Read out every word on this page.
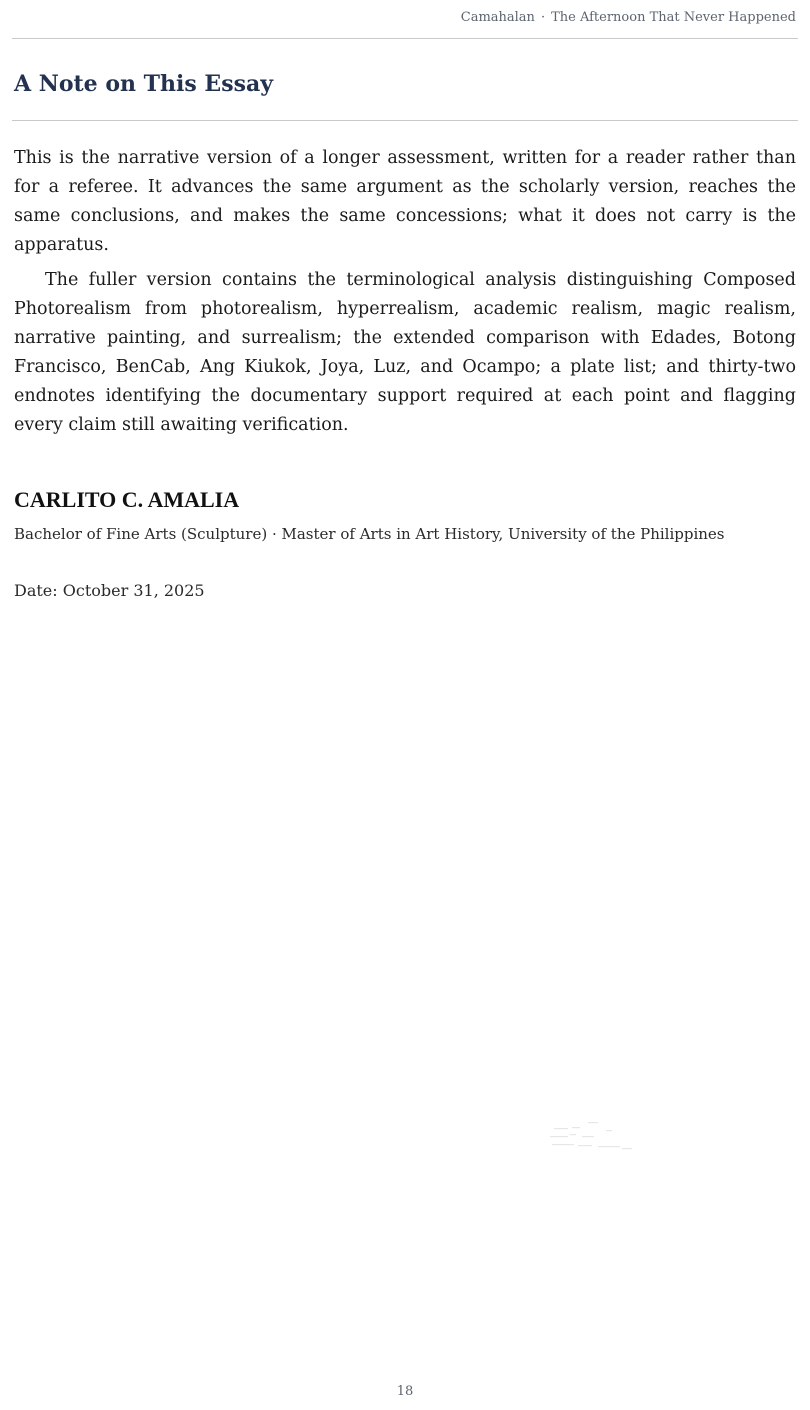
Camahalan · The Afternoon That Never Happened
A Note on This Essay

This is the narrative version of a longer assessment, written for a reader rather than for a referee. It advances the same argument as the scholarly version, reaches the same conclusions, and makes the same concessions; what it does not carry is the apparatus.

The fuller version contains the terminological analysis distinguishing Composed Photorealism from photorealism, hyperrealism, academic realism, magic realism, narrative painting, and surrealism; the extended comparison with Edades, Botong Francisco, BenCab, Ang Kiukok, Joya, Luz, and Ocampo; a plate list; and thirty-two endnotes identifying the documentary support required at each point and flagging every claim still awaiting verification.

CARLITO C. AMALIA
Bachelor of Fine Arts (Sculpture) · Master of Arts in Art History, University of the Philippines
Date: October 31, 2025
18
